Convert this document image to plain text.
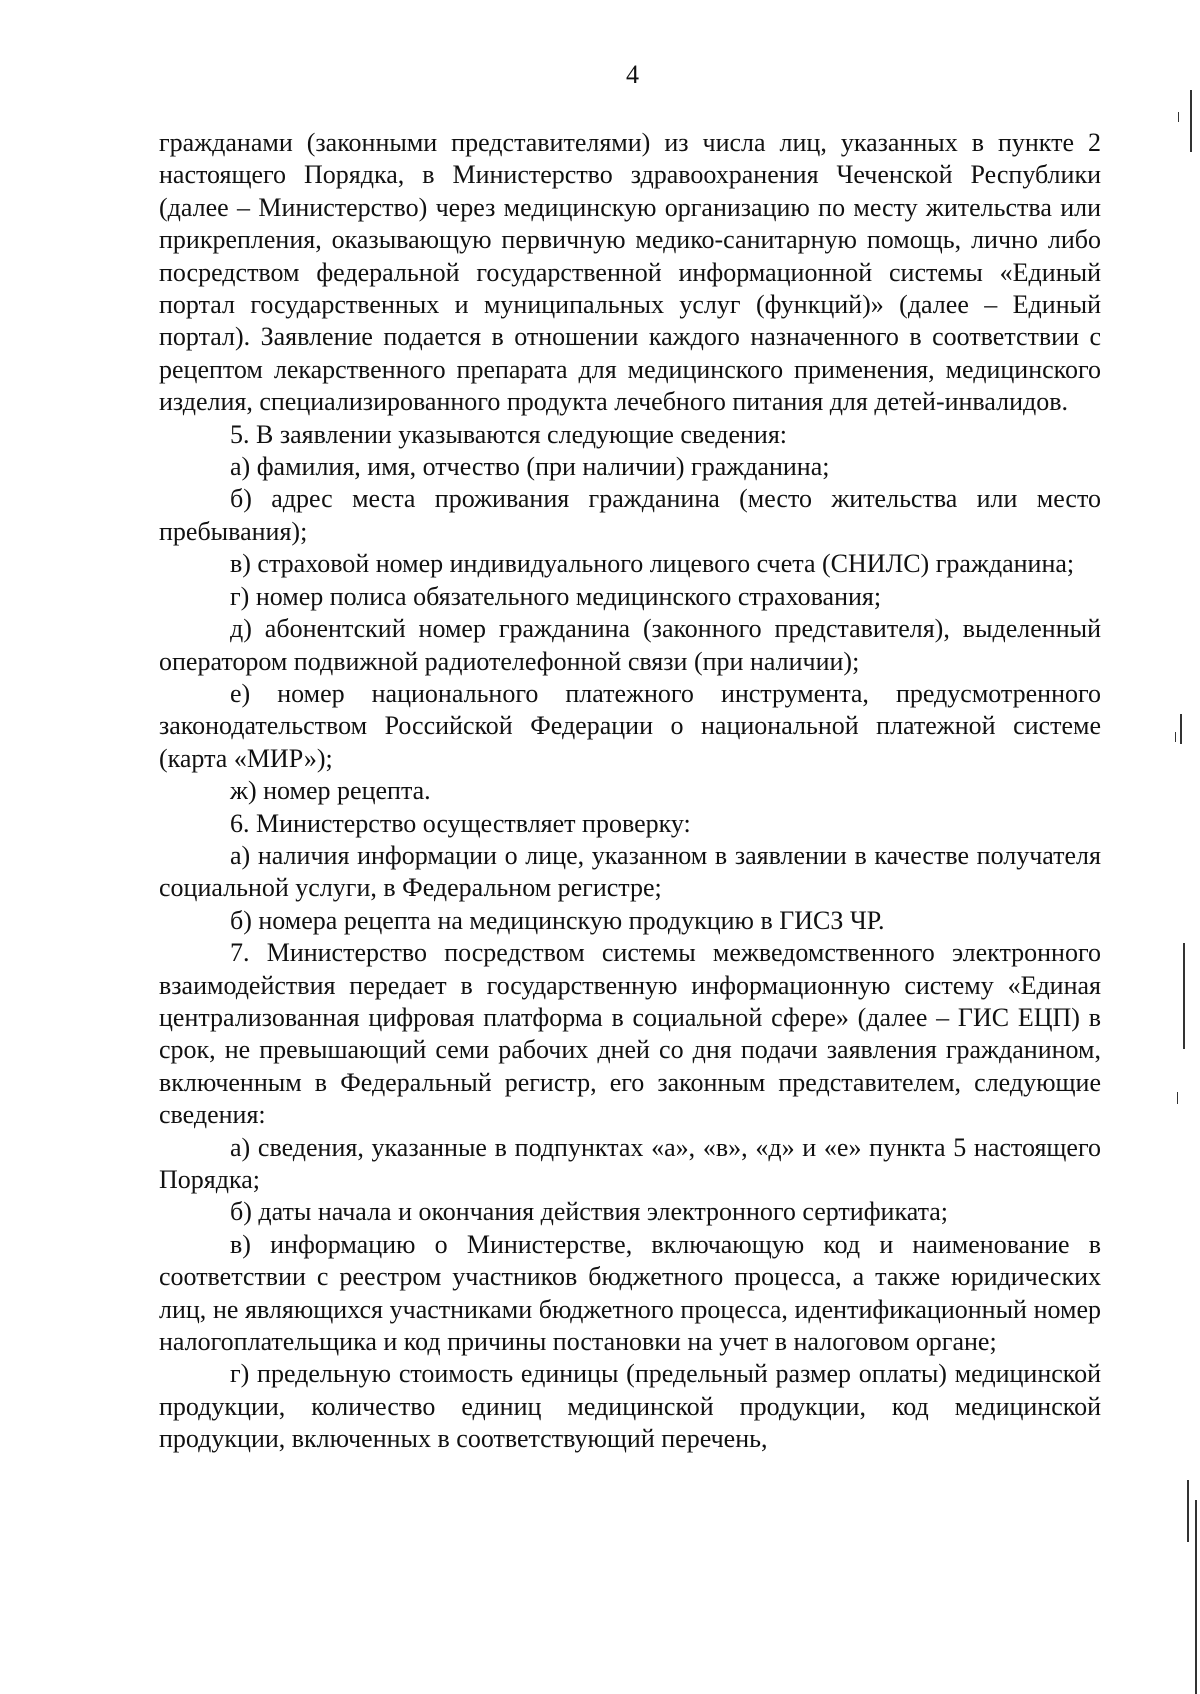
4

гражданами (законными представителями) из числа лиц, указанных в пункте 2 настоящего Порядка, в Министерство здравоохранения Чеченской Республики (далее – Министерство) через медицинскую организацию по месту жительства или прикрепления, оказывающую первичную медико-санитарную помощь, лично либо посредством федеральной государственной информационной системы «Единый портал государственных и муниципальных услуг (функций)» (далее – Единый портал). Заявление подается в отношении каждого назначенного в соответствии с рецептом лекарственного препарата для медицинского применения, медицинского изделия, специализированного продукта лечебного питания для детей-инвалидов.

5. В заявлении указываются следующие сведения:

а) фамилия, имя, отчество (при наличии) гражданина;

б) адрес места проживания гражданина (место жительства или место пребывания);

в) страховой номер индивидуального лицевого счета (СНИЛС) гражданина;

г) номер полиса обязательного медицинского страхования;

д) абонентский номер гражданина (законного представителя), выделенный оператором подвижной радиотелефонной связи (при наличии);

е) номер национального платежного инструмента, предусмотренного законодательством Российской Федерации о национальной платежной системе (карта «МИР»);

ж) номер рецепта.

6. Министерство осуществляет проверку:

а) наличия информации о лице, указанном в заявлении в качестве получателя социальной услуги, в Федеральном регистре;

б) номера рецепта на медицинскую продукцию в ГИСЗ ЧР.

7. Министерство посредством системы межведомственного электронного взаимодействия передает в государственную информационную систему «Единая централизованная цифровая платформа в социальной сфере» (далее – ГИС ЕЦП) в срок, не превышающий семи рабочих дней со дня подачи заявления гражданином, включенным в Федеральный регистр, его законным представителем, следующие сведения:

а) сведения, указанные в подпунктах «а», «в», «д» и «е» пункта 5 настоящего Порядка;

б) даты начала и окончания действия электронного сертификата;

в) информацию о Министерстве, включающую код и наименование в соответствии с реестром участников бюджетного процесса, а также юридических лиц, не являющихся участниками бюджетного процесса, идентификационный номер налогоплательщика и код причины постановки на учет в налоговом органе;

г) предельную стоимость единицы (предельный размер оплаты) медицинской продукции, количество единиц медицинской продукции, код медицинской продукции, включенных в соответствующий перечень,
